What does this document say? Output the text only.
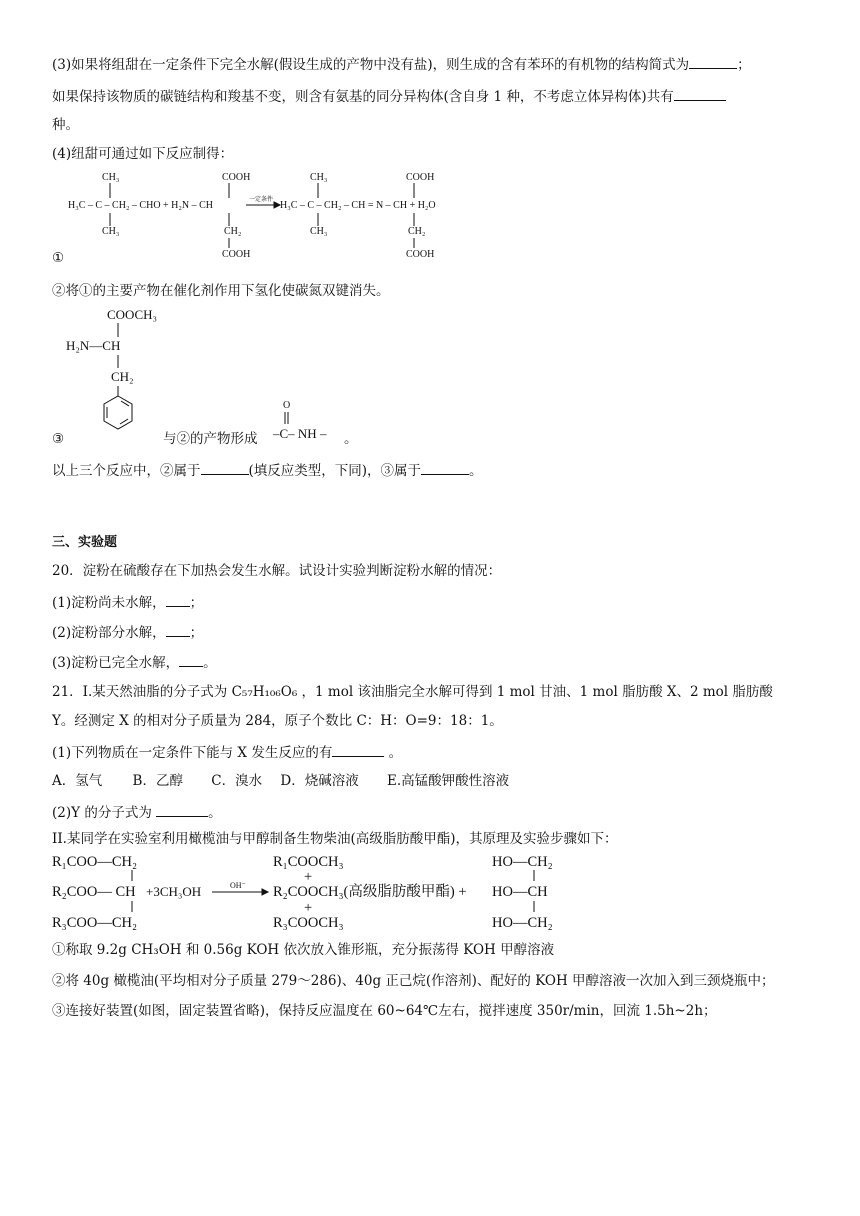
(3)如果将组甜在一定条件下完全水解(假设生成的产物中没有盐)，则生成的含有苯环的有机物的结构简式为	；
如果保持该物质的碳链结构和羧基不变，则含有氨基的同分异构体(含自身 1 种，不考虑立体异构体)共有
种。
(4)纽甜可通过如下反应制得：
CH₃
H₃C – C – CH₂ – CHO + H₂N – CH
CH₃
COOH
CH₂
COOH
一定条件 H₃C – C – CH₂ – CH = N – CH + H₂O
CH₃
CH₃
COOH
CH₂
COOH
①
②将①的主要产物在催化剂作用下氢化使碳氮双键消失。
COOCH₃
H₂N—CH
CH₂
③	与②的产物形成
O
–C– NH – 。
以上三个反应中，②属于	(填反应类型，下同)，③属于	。
三、实验题
20．淀粉在硫酸存在下加热会发生水解。试设计实验判断淀粉水解的情况：
(1)淀粉尚未水解， ；
(2)淀粉部分水解， ；
(3)淀粉已完全水解， 。
21．I.某天然油脂的分子式为 C₅₇H₁₀₆O₆ ，1 mol 该油脂完全水解可得到 1 mol 甘油、1 mol 脂肪酸 X、2 mol 脂肪酸
Y。经测定 X 的相对分子质量为 284，原子个数比 C：H：O=9：18：1。
(1)下列物质在一定条件下能与 X 发生反应的有	。
A．氢气 B．乙醇 C．溴水 D．烧碱溶液 E.高锰酸钾酸性溶液
(2)Y 的分子式为	。
II.某同学在实验室利用橄榄油与甲醇制备生物柴油(高级脂肪酸甲酯)，其原理及实验步骤如下：
R₁COO—CH₂
R₂COO— CH
R₃COO—CH₂
+3CH₃OH	OH⁻
R₁COOCH₃
+
R₂COOCH₃(高级脂肪酸甲酯) +
+
R₃COOCH₃
HO—CH₂
HO—CH
HO—CH₂
①称取 9.2g CH₃OH 和 0.56g KOH 依次放入锥形瓶，充分振荡得 KOH 甲醇溶液
②将 40g 橄榄油(平均相对分子质量 279～286)、40g 正己烷(作溶剂)、配好的 KOH 甲醇溶液一次加入到三颈烧瓶中；
③连接好装置(如图，固定装置省略)，保持反应温度在 60~64℃左右，搅拌速度 350r/min，回流 1.5h~2h；
